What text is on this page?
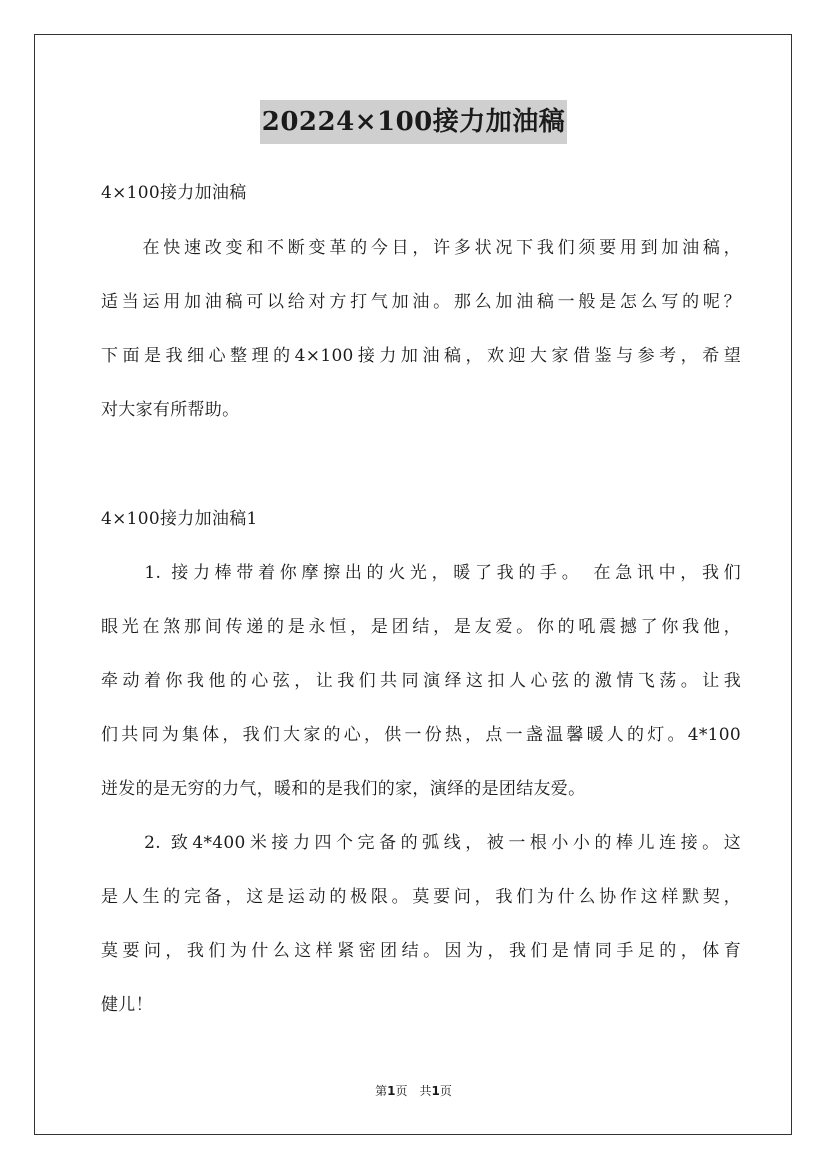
20224×100接力加油稿
4×100接力加油稿
　　在快速改变和不断变革的今日，许多状况下我们须要用到加油稿，
适当运用加油稿可以给对方打气加油。那么加油稿一般是怎么写的呢？
下面是我细心整理的4×100接力加油稿，欢迎大家借鉴与参考，希望
对大家有所帮助。
4×100接力加油稿1
　　1. 接力棒带着你摩擦出的火光，暖了我的手。 在急讯中，我们
眼光在煞那间传递的是永恒，是团结，是友爱。你的吼震撼了你我他，
牵动着你我他的心弦，让我们共同演绎这扣人心弦的激情飞荡。让我
们共同为集体，我们大家的心，供一份热，点一盏温馨暖人的灯。4*100
迸发的是无穷的力气，暖和的是我们的家，演绎的是团结友爱。
　　2. 致4*400米接力四个完备的弧线，被一根小小的棒儿连接。这
是人生的完备，这是运动的极限。莫要问，我们为什么协作这样默契，
莫要问，我们为什么这样紧密团结。因为，我们是情同手足的，体育
健儿！
第1页　共1页
